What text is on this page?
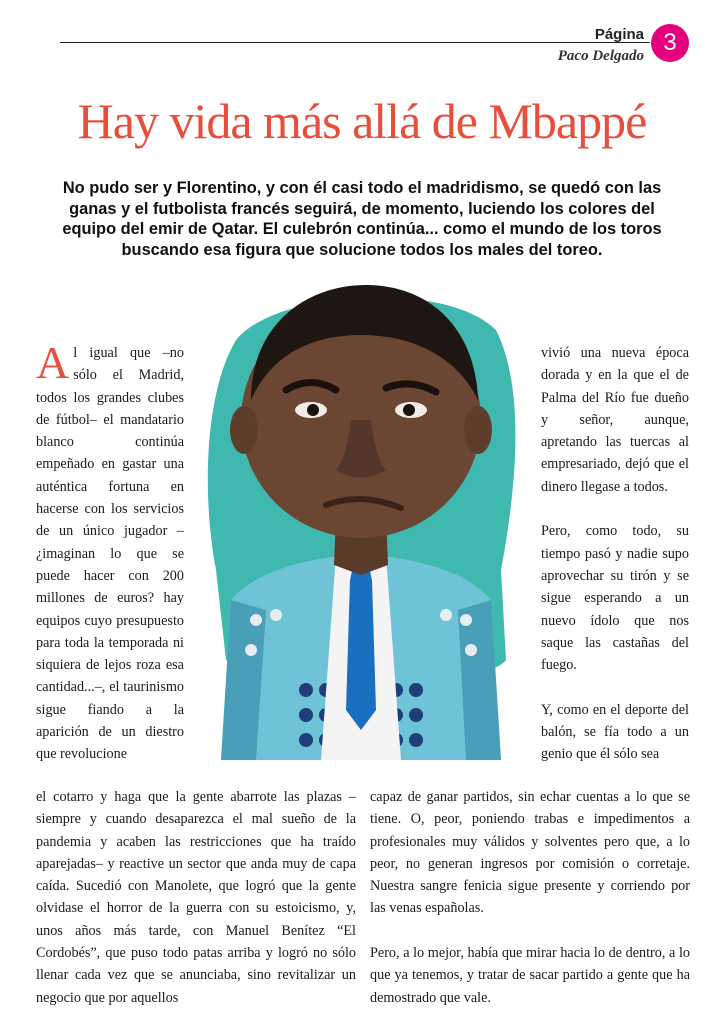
Página 3
Paco Delgado
Hay vida más allá de Mbappé

No pudo ser y Florentino, y con él casi todo el madridismo, se quedó con las ganas y el futbolista francés seguirá, de momento, luciendo los colores del equipo del emir de Qatar. El culebrón continúa... como el mundo de los toros buscando esa figura que solucione todos los males del toreo.

A l igual que –no sólo el Madrid, todos los grandes clubes de fútbol– el mandatario blanco continúa empeñado en gastar una auténtica fortuna en hacerse con los servicios de un único jugador –¿imaginan lo que se puede hacer con 200 millones de euros? hay equipos cuyo presupuesto para toda la temporada ni siquiera de lejos roza esa cantidad...–, el taurinismo sigue fiando a la aparición de un diestro que revolucione

vivió una nueva época dorada y en la que el de Palma del Río fue dueño y señor, aunque, apretando las tuercas al empresariado, dejó que el dinero llegase a todos.

Pero, como todo, su tiempo pasó y nadie supo aprovechar su tirón y se sigue esperando a un nuevo ídolo que nos saque las castañas del fuego.

Y, como en el deporte del balón, se fía todo a un genio que él sólo sea

el cotarro y haga que la gente abarrote las plazas –siempre y cuando desaparezca el mal sueño de la pandemia y acaben las restricciones que ha traído aparejadas– y reactive un sector que anda muy de capa caída. Sucedió con Manolete, que logró que la gente olvidase el horror de la guerra con su estoicismo, y, unos años más tarde, con Manuel Benítez “El Cordobés”, que puso todo patas arriba y logró no sólo llenar cada vez que se anunciaba, sino revitalizar un negocio que por aquellos

capaz de ganar partidos, sin echar cuentas a lo que se tiene. O, peor, poniendo trabas e impedimentos a profesionales muy válidos y solventes pero que, a lo peor, no generan ingresos por comisión o corretaje. Nuestra sangre fenicia sigue presente y corriendo por las venas españolas.

Pero, a lo mejor, había que mirar hacia lo de dentro, a lo que ya tenemos, y tratar de sacar partido a gente que ha demostrado que vale.
